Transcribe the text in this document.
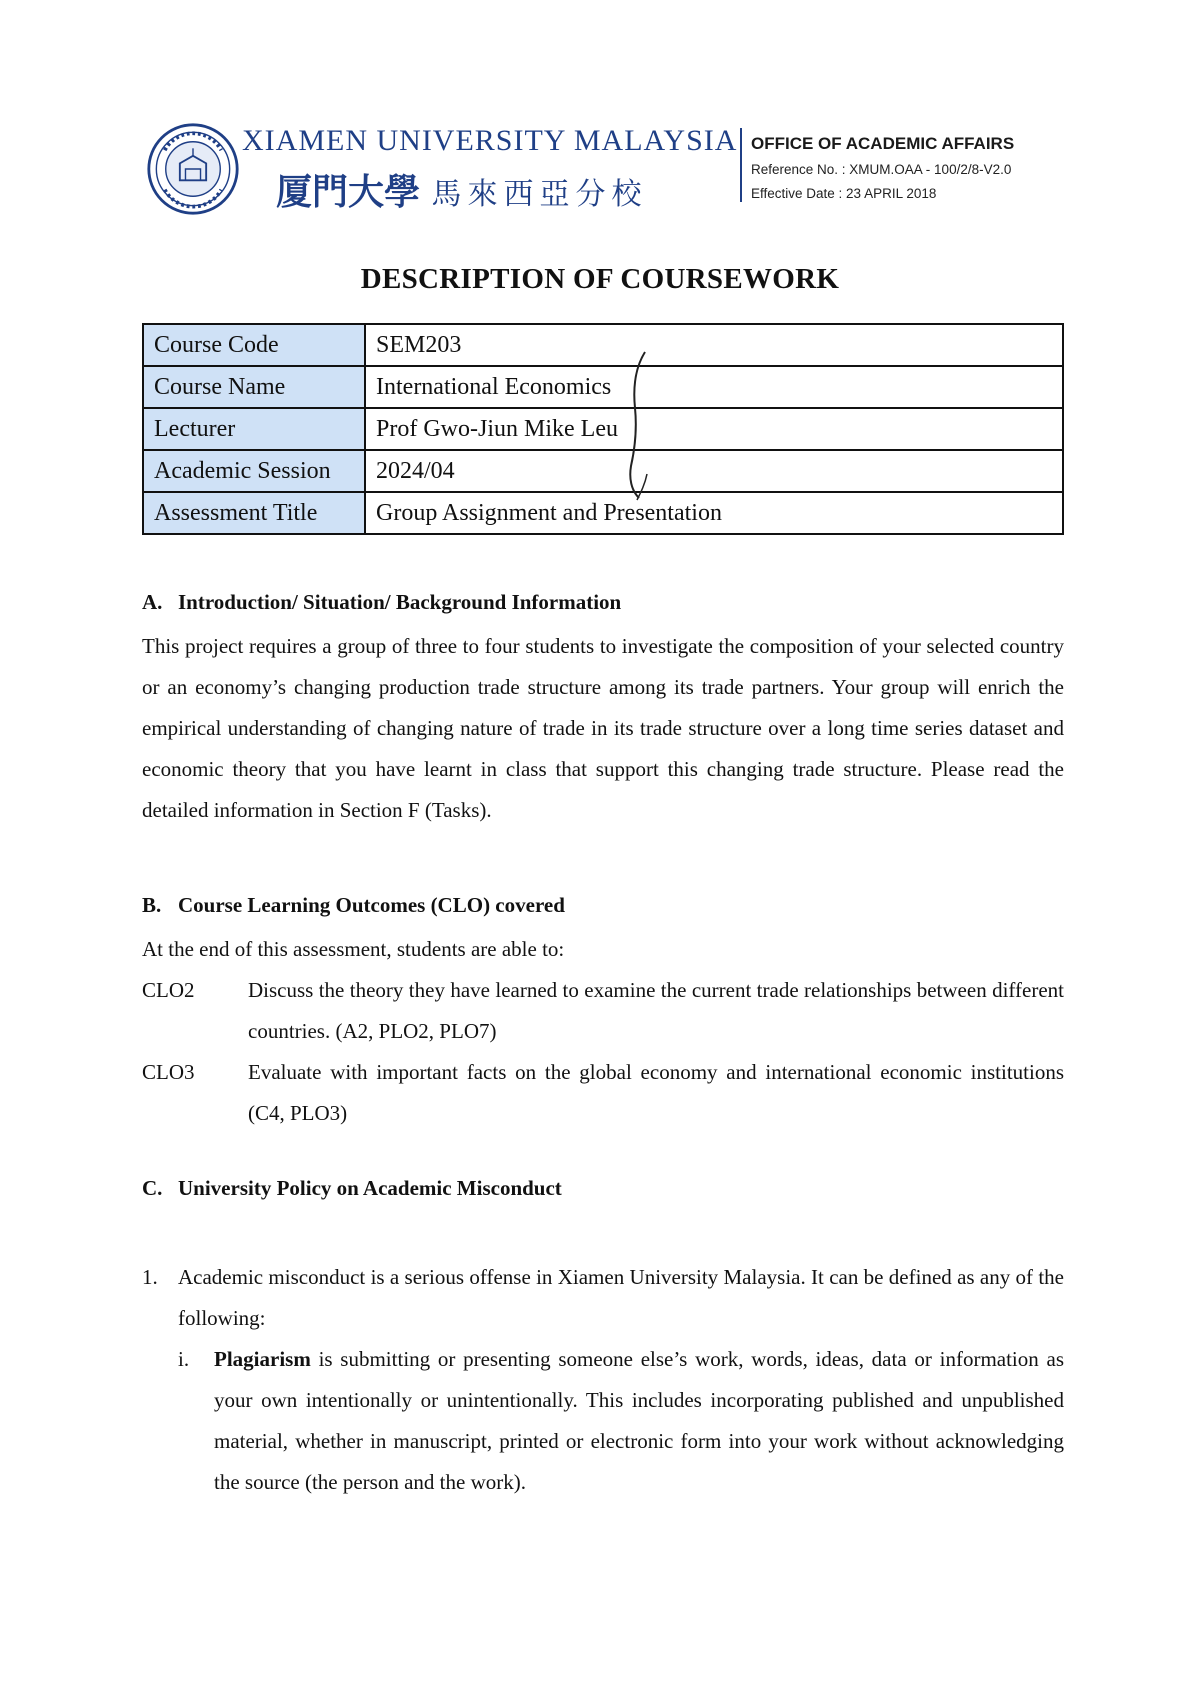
XIAMEN UNIVERSITY MALAYSIA
厦門大學 馬來西亞分校
OFFICE OF ACADEMIC AFFAIRS
Reference No. : XMUM.OAA - 100/2/8-V2.0
Effective Date : 23 APRIL 2018
DESCRIPTION OF COURSEWORK
Course Code	SEM203
Course Name	International Economics
Lecturer	Prof Gwo-Jiun Mike Leu
Academic Session	2024/04
Assessment Title	Group Assignment and Presentation
A. Introduction/ Situation/ Background Information

This project requires a group of three to four students to investigate the composition of your selected country or an economy’s changing production trade structure among its trade partners. Your group will enrich the empirical understanding of changing nature of trade in its trade structure over a long time series dataset and economic theory that you have learnt in class that support this changing trade structure. Please read the detailed information in Section F (Tasks).

B. Course Learning Outcomes (CLO) covered
At the end of this assessment, students are able to:
CLO2	Discuss the theory they have learned to examine the current trade relationships between different countries. (A2, PLO2, PLO7)
CLO3	Evaluate with important facts on the global economy and international economic institutions (C4, PLO3)
C. University Policy on Academic Misconduct
1. Academic misconduct is a serious offense in Xiamen University Malaysia. It can be defined as any of the following:
i. Plagiarism is submitting or presenting someone else’s work, words, ideas, data or information as your own intentionally or unintentionally. This includes incorporating published and unpublished material, whether in manuscript, printed or electronic form into your work without acknowledging the source (the person and the work).
